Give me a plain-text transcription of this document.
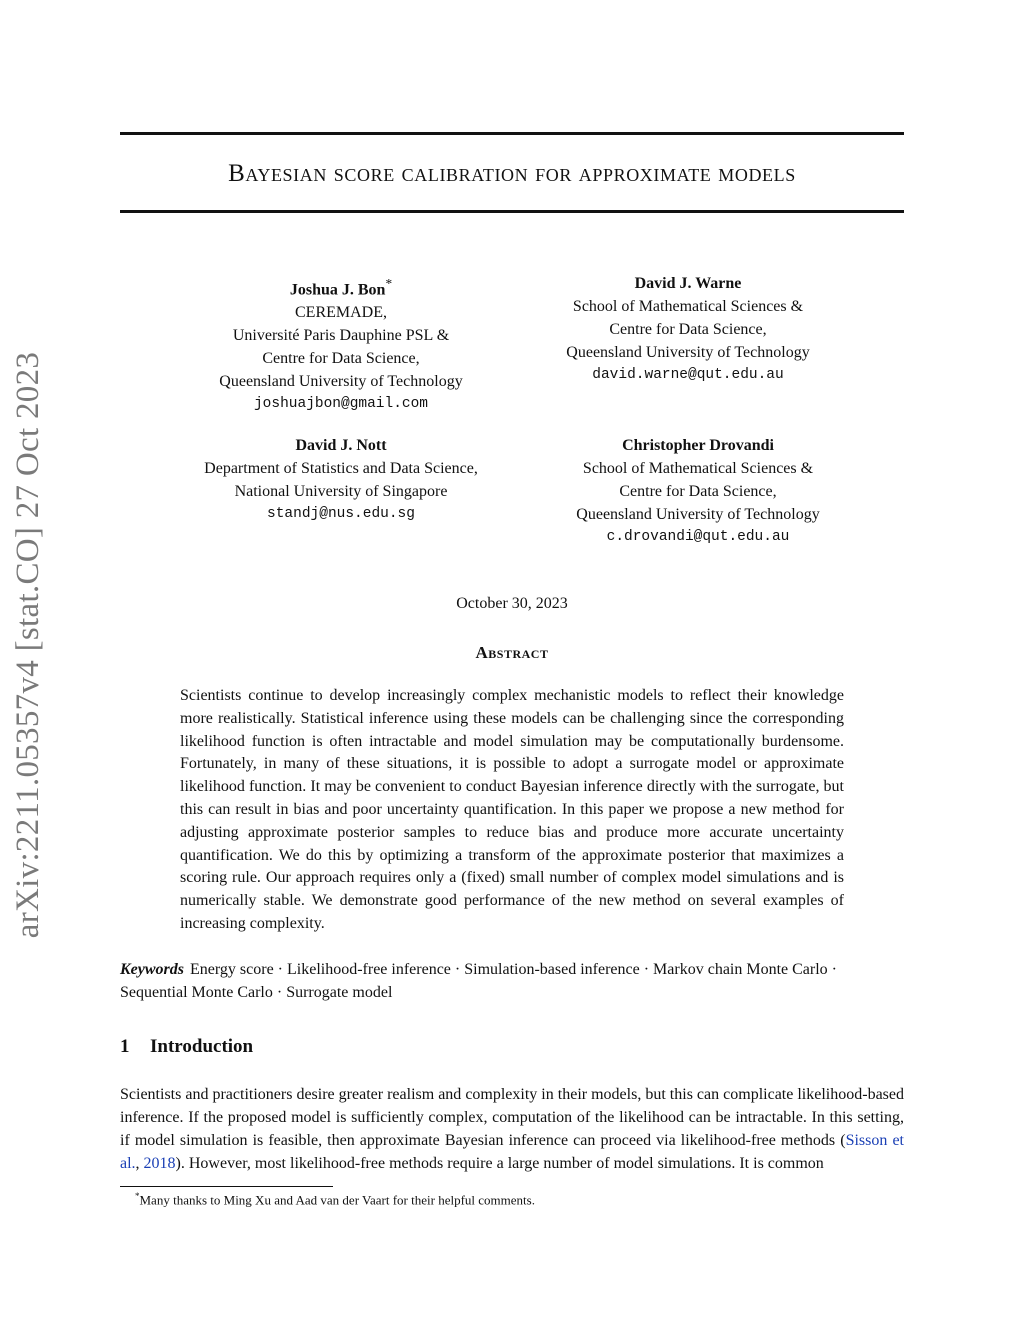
arXiv:2211.05357v4 [stat.CO] 27 Oct 2023
Bayesian score calibration for approximate models
Joshua J. Bon*
CEREMADE,
Université Paris Dauphine PSL &
Centre for Data Science,
Queensland University of Technology
joshuajbon@gmail.com
David J. Warne
School of Mathematical Sciences &
Centre for Data Science,
Queensland University of Technology
david.warne@qut.edu.au
David J. Nott
Department of Statistics and Data Science,
National University of Singapore
standj@nus.edu.sg
Christopher Drovandi
School of Mathematical Sciences &
Centre for Data Science,
Queensland University of Technology
c.drovandi@qut.edu.au
October 30, 2023
Abstract
Scientists continue to develop increasingly complex mechanistic models to reflect their knowledge more realistically. Statistical inference using these models can be challenging since the corresponding likelihood function is often intractable and model simulation may be computationally burdensome. Fortunately, in many of these situations, it is possible to adopt a surrogate model or approximate likelihood function. It may be convenient to conduct Bayesian inference directly with the surrogate, but this can result in bias and poor uncertainty quantification. In this paper we propose a new method for adjusting approximate posterior samples to reduce bias and produce more accurate uncertainty quantification. We do this by optimizing a transform of the approximate posterior that maximizes a scoring rule. Our approach requires only a (fixed) small number of complex model simulations and is numerically stable. We demonstrate good performance of the new method on several examples of increasing complexity.
Keywords Energy score · Likelihood-free inference · Simulation-based inference · Markov chain Monte Carlo · Sequential Monte Carlo · Surrogate model
1 Introduction
Scientists and practitioners desire greater realism and complexity in their models, but this can complicate likelihood-based inference. If the proposed model is sufficiently complex, computation of the likelihood can be intractable. In this setting, if model simulation is feasible, then approximate Bayesian inference can proceed via likelihood-free methods (Sisson et al., 2018). However, most likelihood-free methods require a large number of model simulations. It is common
*Many thanks to Ming Xu and Aad van der Vaart for their helpful comments.
